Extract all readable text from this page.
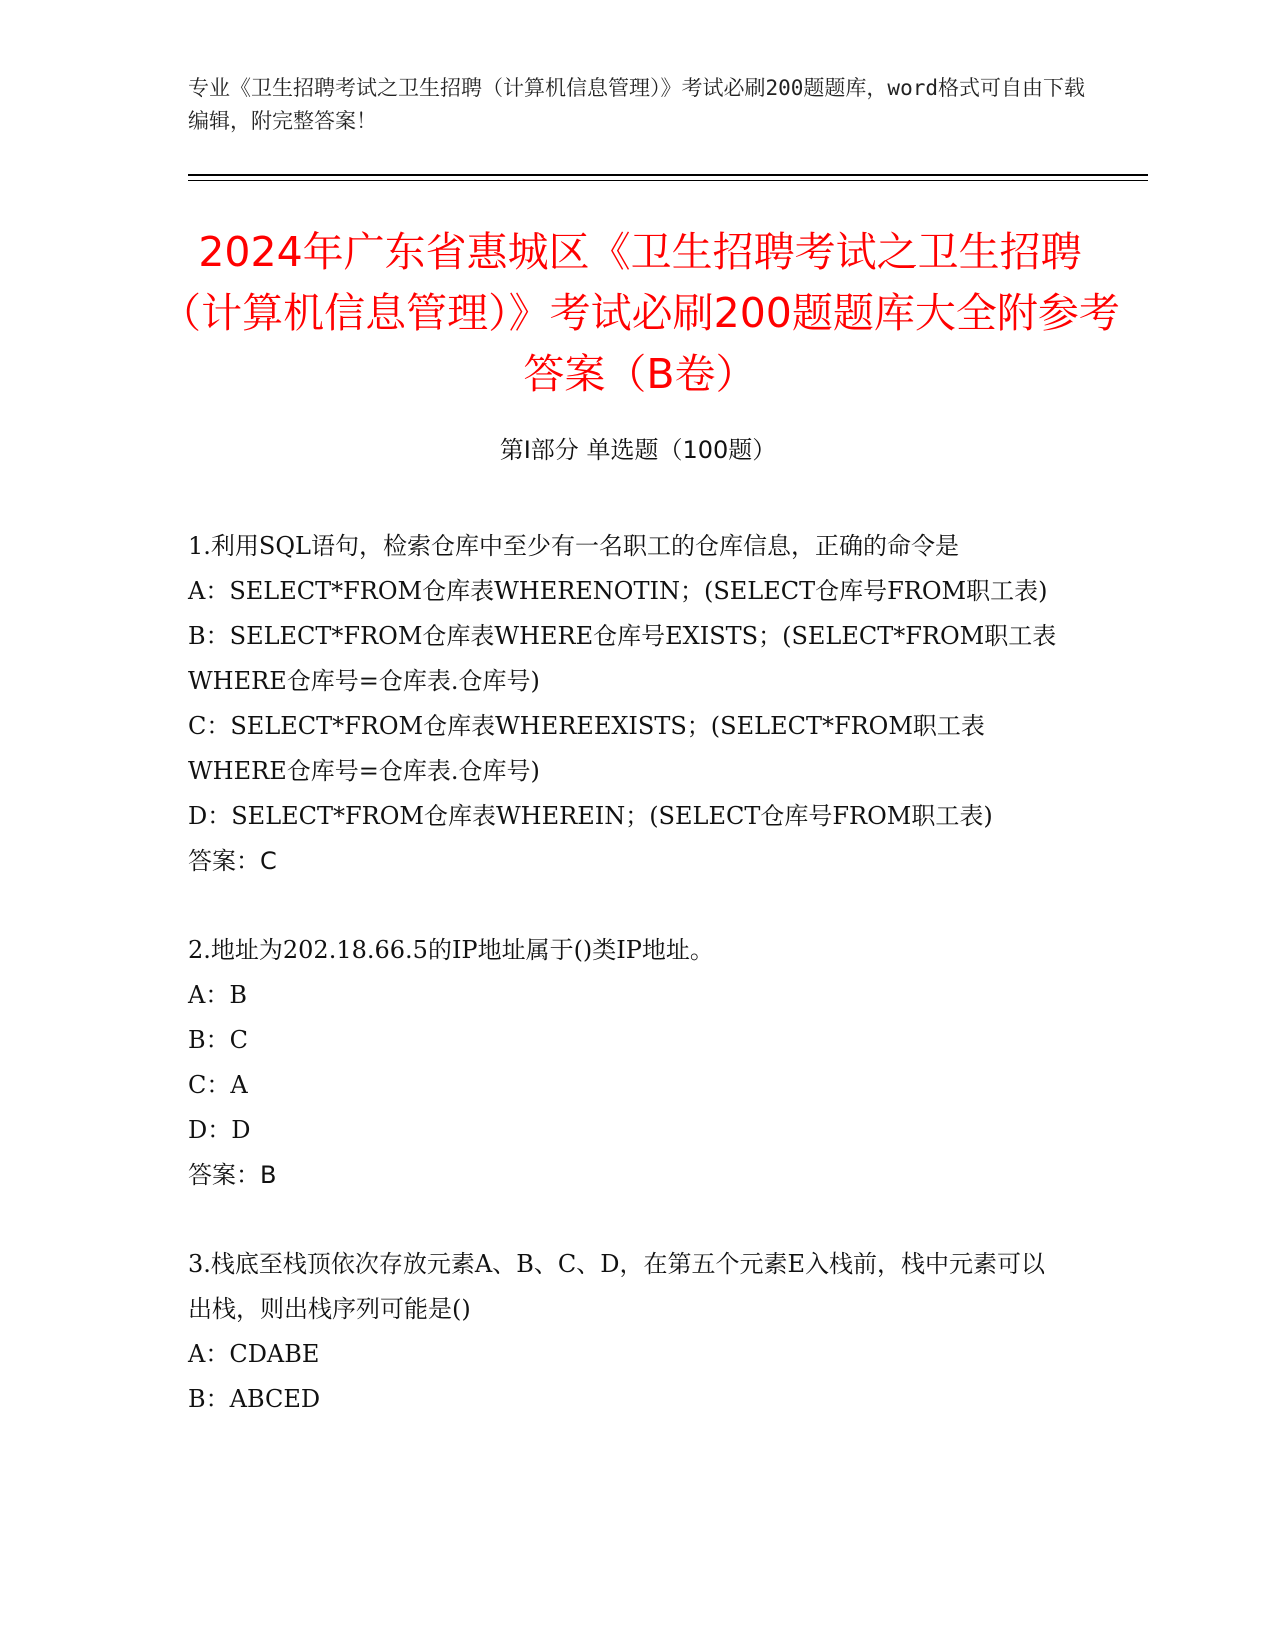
专业《卫生招聘考试之卫生招聘（计算机信息管理）》考试必刷200题题库，word格式可自由下载编辑，附完整答案！
2024年广东省惠城区《卫生招聘考试之卫生招聘（计算机信息管理）》考试必刷200题题库大全附参考答案（B卷）
第Ⅰ部分 单选题（100题）

1.利用SQL语句，检索仓库中至少有一名职工的仓库信息，正确的命令是

A：SELECT*FROM仓库表WHERENOTIN；(SELECT仓库号FROM职工表)

B：SELECT*FROM仓库表WHERE仓库号EXISTS；(SELECT*FROM职工表WHERE仓库号=仓库表.仓库号)

C：SELECT*FROM仓库表WHEREEXISTS；(SELECT*FROM职工表WHERE仓库号=仓库表.仓库号)

D：SELECT*FROM仓库表WHEREIN；(SELECT仓库号FROM职工表)

答案：C

2.地址为202.18.66.5的IP地址属于()类IP地址。

A：B

B：C

C：A

D：D

答案：B

3.栈底至栈顶依次存放元素A、B、C、D，在第五个元素E入栈前，栈中元素可以出栈，则出栈序列可能是()

A：CDABE

B：ABCED
